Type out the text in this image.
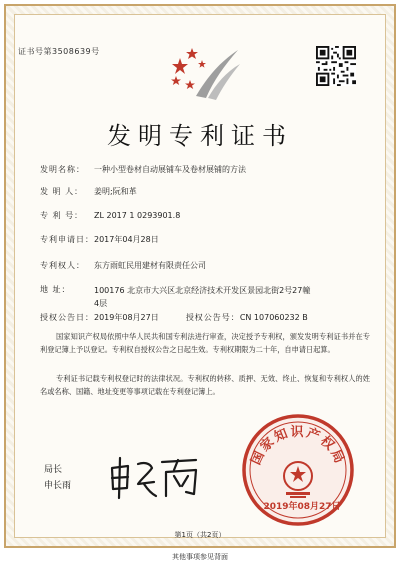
证书号第3508639号
发明专利证书
发明名称： 一种小型卷材自动展铺车及卷材展铺的方法
发 明 人： 姜明;阮和革
专 利 号： ZL 2017 1 0293901.8
专利申请日：2017年04月28日
专利权人： 东方雨虹民用建材有限责任公司
地 址：	100176 北京市大兴区北京经济技术开发区景园北街2号27幢4层
授权公告日：2019年08月27日	授权公告号：CN 107060232 B
国家知识产权局依照中华人民共和国专利法进行审查，决定授予专利权，颁发发明专利证书并在专利登记簿上予以登记。专利权自授权公告之日起生效。专利权期限为二十年，自申请日起算。
专利证书记载专利权登记时的法律状况。专利权的转移、质押、无效、终止、恢复和专利权人的姓名或名称、国籍、地址变更等事项记载在专利登记簿上。
局长
申长雨
国家知识产权局
2019年08月27日
第1页（共2页）
其他事项参见背面
